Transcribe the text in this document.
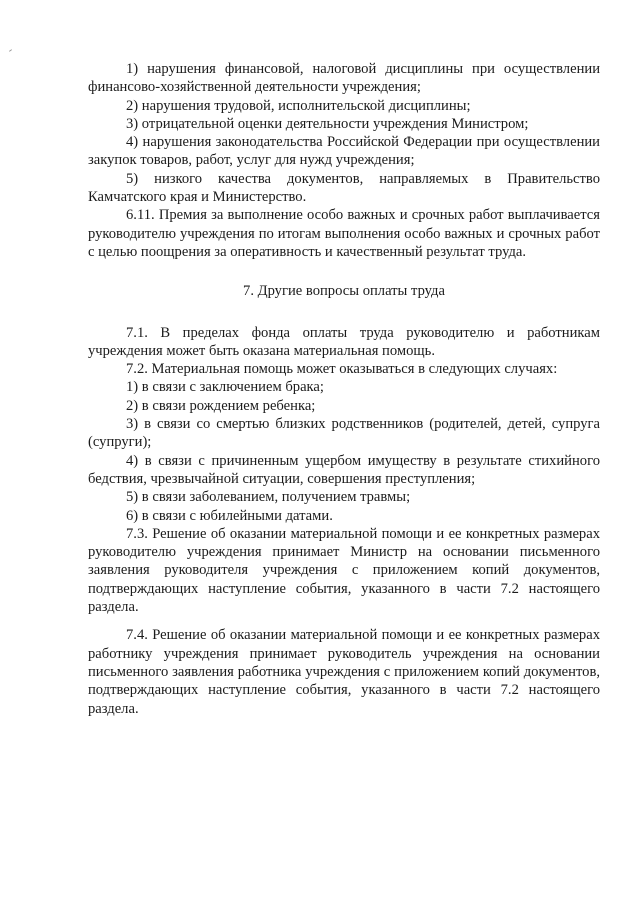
1) нарушения финансовой, налоговой дисциплины при осуществлении финансово-хозяйственной деятельности учреждения;

2) нарушения трудовой, исполнительской дисциплины;

3) отрицательной оценки деятельности учреждения Министром;

4) нарушения законодательства Российской Федерации при осуществлении закупок товаров, работ, услуг для нужд учреждения;

5) низкого качества документов, направляемых в Правительство Камчатского края и Министерство.

6.11. Премия за выполнение особо важных и срочных работ выплачивается руководителю учреждения по итогам выполнения особо важных и срочных работ с целью поощрения за оперативность и качественный результат труда.

7. Другие вопросы оплаты труда

7.1. В пределах фонда оплаты труда руководителю и работникам учреждения может быть оказана материальная помощь.

7.2. Материальная помощь может оказываться в следующих случаях:

1) в связи с заключением брака;

2) в связи рождением ребенка;

3) в связи со смертью близких родственников (родителей, детей, супруга (супруги);

4) в связи с причиненным ущербом имуществу в результате стихийного бедствия, чрезвычайной ситуации, совершения преступления;

5) в связи заболеванием, получением травмы;

6) в связи с юбилейными датами.

7.3. Решение об оказании материальной помощи и ее конкретных размерах руководителю учреждения принимает Министр на основании письменного заявления руководителя учреждения с приложением копий документов, подтверждающих наступление события, указанного в части 7.2 настоящего раздела.

7.4. Решение об оказании материальной помощи и ее конкретных размерах работнику учреждения принимает руководитель учреждения на основании письменного заявления работника учреждения с приложением копий документов, подтверждающих наступление события, указанного в части 7.2 настоящего раздела.
